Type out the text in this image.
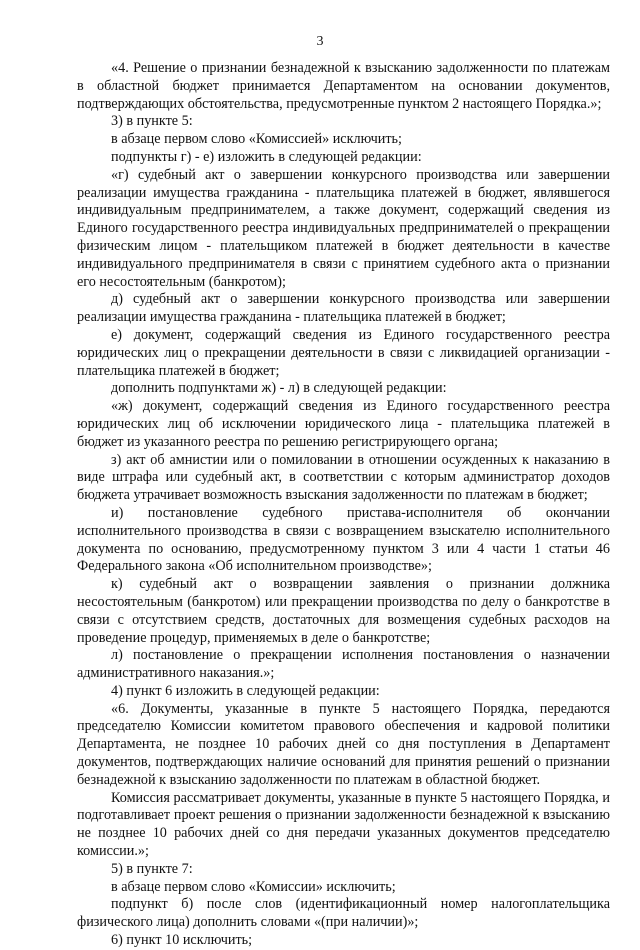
3

«4. Решение о признании безнадежной к взысканию задолженности по платежам в областной бюджет принимается Департаментом на основании документов, подтверждающих обстоятельства, предусмотренные пунктом 2 настоящего Порядка.»;

3) в пункте 5:

в абзаце первом слово «Комиссией» исключить;

подпункты г) - е) изложить в следующей редакции:

«г) судебный акт о завершении конкурсного производства или завершении реализации имущества гражданина - плательщика платежей в бюджет, являвшегося индивидуальным предпринимателем, а также документ, содержащий сведения из Единого государственного реестра индивидуальных предпринимателей о прекращении физическим лицом - плательщиком платежей в бюджет деятельности в качестве индивидуального предпринимателя в связи с принятием судебного акта о признании его несостоятельным (банкротом);

д) судебный акт о завершении конкурсного производства или завершении реализации имущества гражданина - плательщика платежей в бюджет;

е) документ, содержащий сведения из Единого государственного реестра юридических лиц о прекращении деятельности в связи с ликвидацией организации - плательщика платежей в бюджет;

дополнить подпунктами ж) - л) в следующей редакции:

«ж) документ, содержащий сведения из Единого государственного реестра юридических лиц об исключении юридического лица - плательщика платежей в бюджет из указанного реестра по решению регистрирующего органа;

з) акт об амнистии или о помиловании в отношении осужденных к наказанию в виде штрафа или судебный акт, в соответствии с которым администратор доходов бюджета утрачивает возможность взыскания задолженности по платежам в бюджет;

и) постановление судебного пристава-исполнителя об окончании исполнительного производства в связи с возвращением взыскателю исполнительного документа по основанию, предусмотренному пунктом 3 или 4 части 1 статьи 46 Федерального закона «Об исполнительном производстве»;

к) судебный акт о возвращении заявления о признании должника несостоятельным (банкротом) или прекращении производства по делу о банкротстве в связи с отсутствием средств, достаточных для возмещения судебных расходов на проведение процедур, применяемых в деле о банкротстве;

л) постановление о прекращении исполнения постановления о назначении административного наказания.»;

4) пункт 6 изложить в следующей редакции:

«6. Документы, указанные в пункте 5 настоящего Порядка, передаются председателю Комиссии комитетом правового обеспечения и кадровой политики Департамента, не позднее 10 рабочих дней со дня поступления в Департамент документов, подтверждающих наличие оснований для принятия решений о признании безнадежной к взысканию задолженности по платежам в областной бюджет.

Комиссия рассматривает документы, указанные в пункте 5 настоящего Порядка, и подготавливает проект решения о признании задолженности безнадежной к взысканию не позднее 10 рабочих дней со дня передачи указанных документов председателю комиссии.»;

5) в пункте 7:

в абзаце первом слово «Комиссии» исключить;

подпункт б) после слов (идентификационный номер налогоплательщика физического лица) дополнить словами «(при наличии)»;

6) пункт 10 исключить;
